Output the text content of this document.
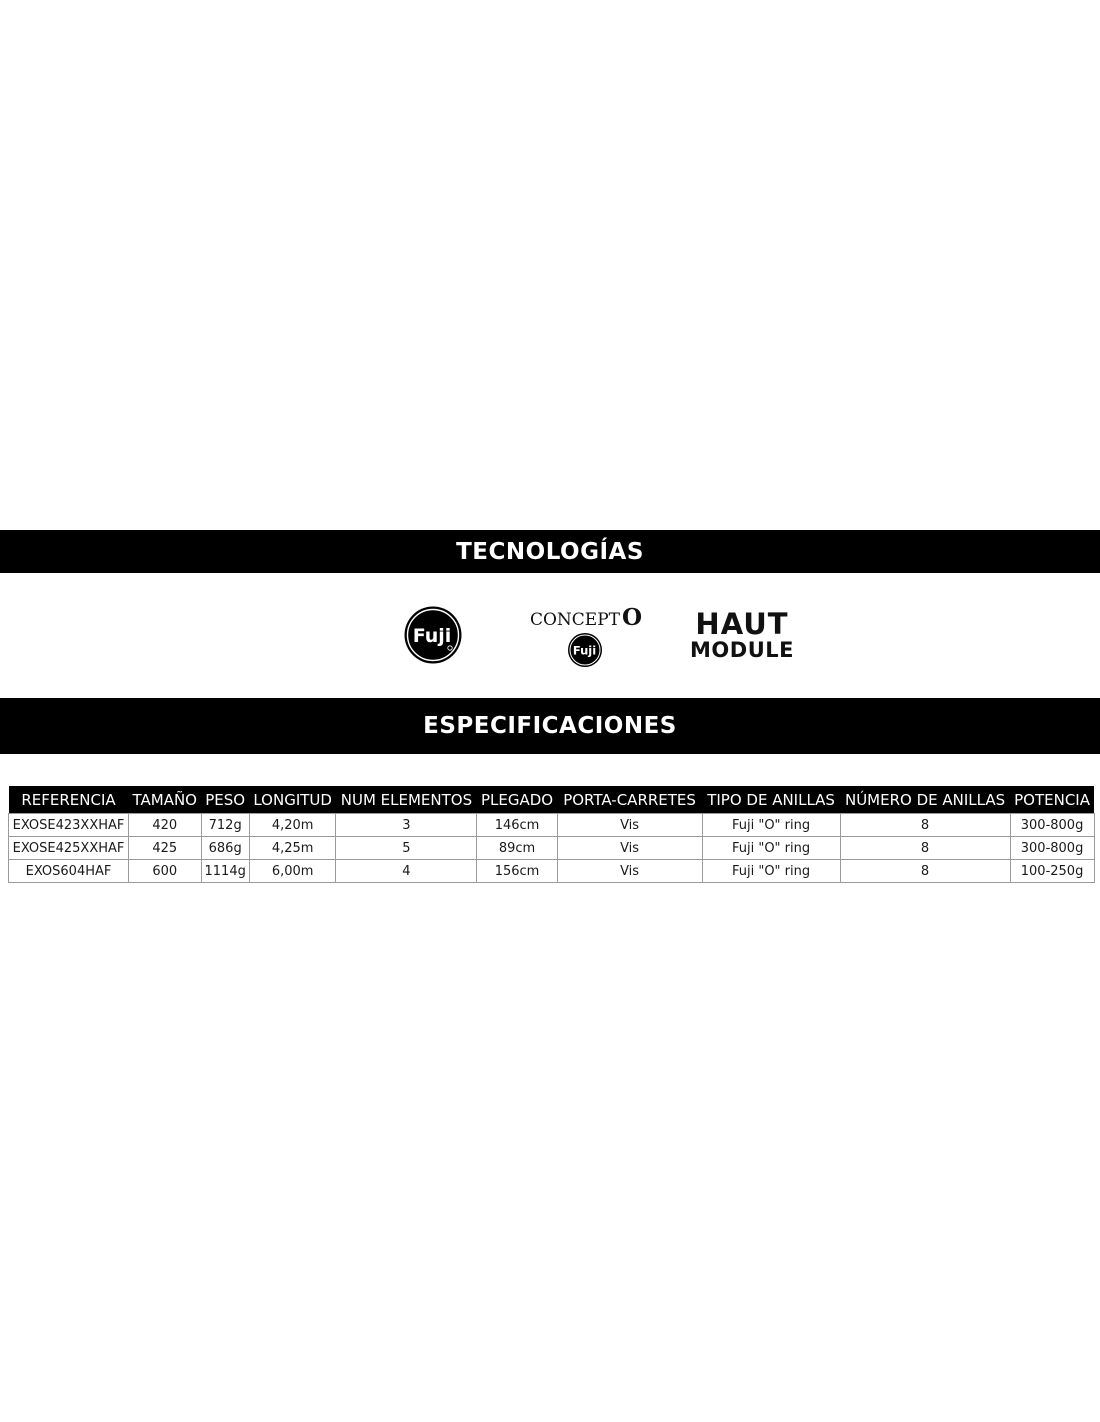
TECNOLOGÍAS
Fuji
CONCEPTO
Fuji
HAUT
MODULE
ESPECIFICACIONES
REFERENCIA	TAMAÑO	PESO	LONGITUD	NUM ELEMENTOS	PLEGADO	PORTA-CARRETES	TIPO DE ANILLAS	NÚMERO DE ANILLAS	POTENCIA
EXOSE423XXHAF	420	712g	4,20m	3	146cm	Vis	Fuji "O" ring	8	300-800g
EXOSE425XXHAF	425	686g	4,25m	5	89cm	Vis	Fuji "O" ring	8	300-800g
EXOS604HAF	600	1114g	6,00m	4	156cm	Vis	Fuji "O" ring	8	100-250g
